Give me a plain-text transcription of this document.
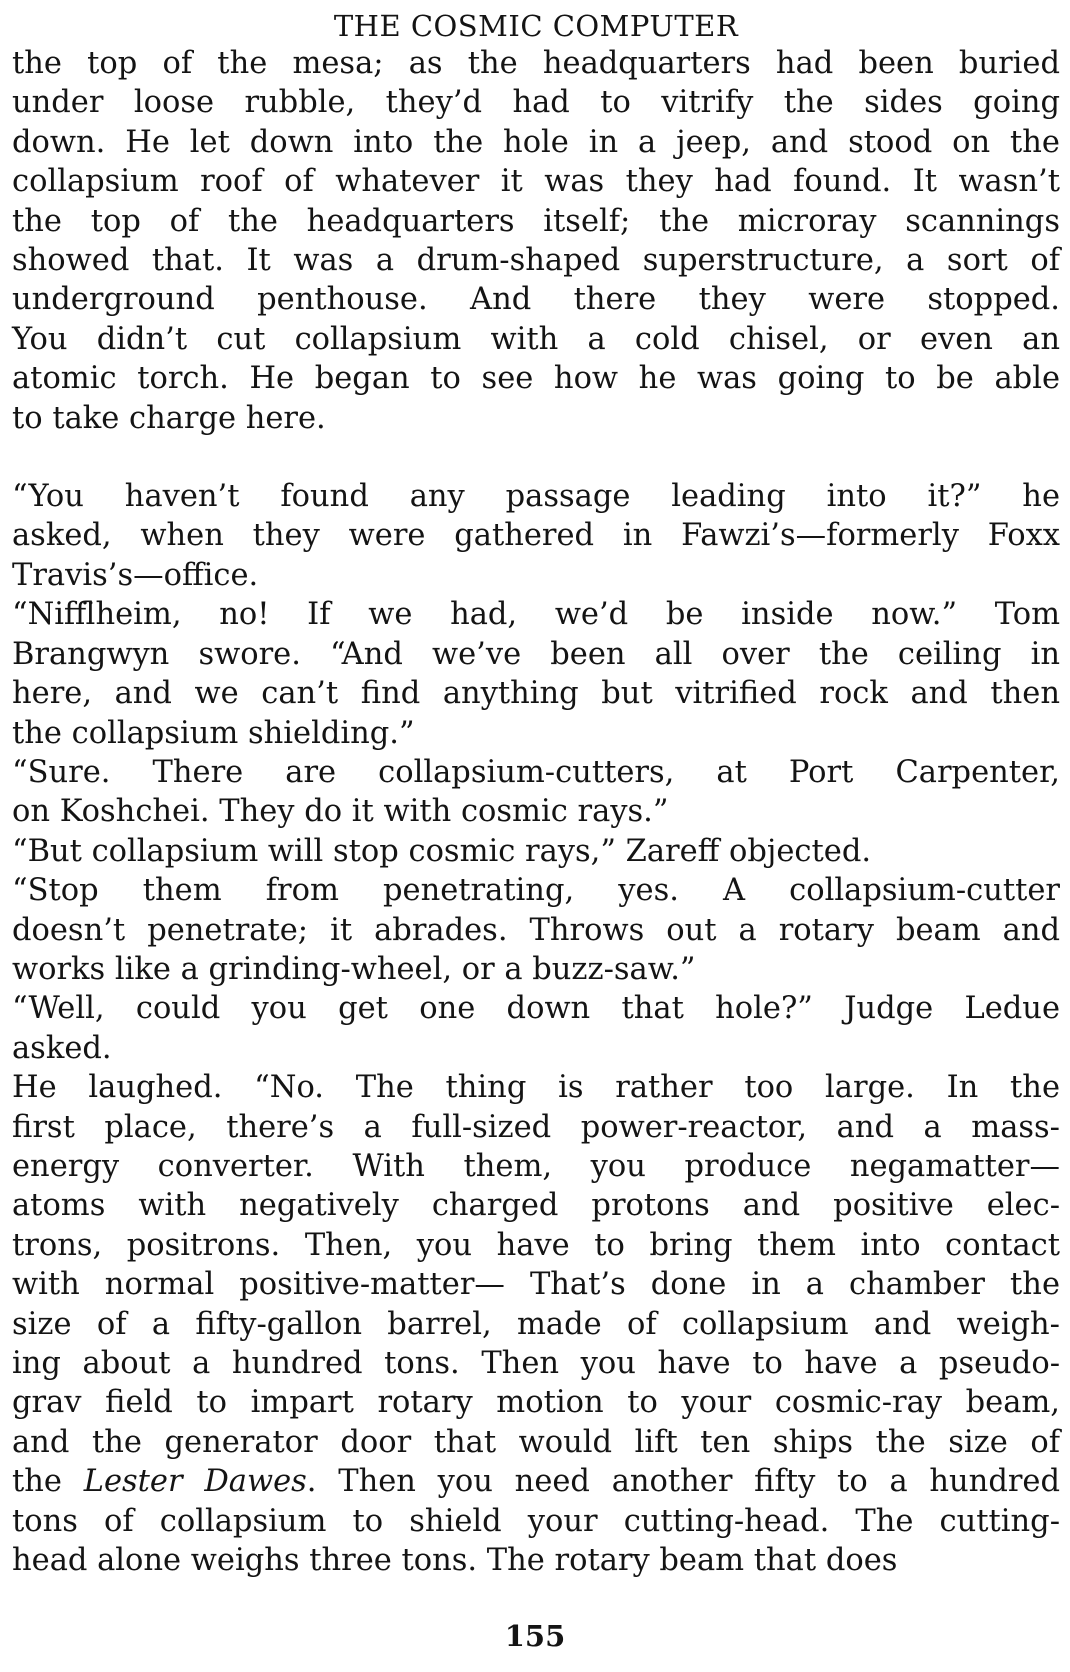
THE COSMIC COMPUTER
the top of the mesa; as the headquarters had been buried
under loose rubble, they’d had to vitrify the sides going
down. He let down into the hole in a jeep, and stood on the
collapsium roof of whatever it was they had found. It wasn’t
the top of the headquarters itself; the microray scannings
showed that. It was a drum-shaped superstructure, a sort of
underground penthouse. And there they were stopped.
You didn’t cut collapsium with a cold chisel, or even an
atomic torch. He began to see how he was going to be able
to take charge here.
“You haven’t found any passage leading into it?” he
asked, when they were gathered in Fawzi’s—formerly Foxx
Travis’s—office.
“Niffl̈heim, no! If we had, we’d be inside now.” Tom
Brangwyn swore. “And we’ve been all over the ceiling in
here, and we can’t find anything but vitrified rock and then
the collapsium shielding.”
“Sure. There are collapsium-cutters, at Port Carpenter,
on Koshchei. They do it with cosmic rays.”
“But collapsium will stop cosmic rays,” Zareff objected.
“Stop them from penetrating, yes. A collapsium-cutter
doesn’t penetrate; it abrades. Throws out a rotary beam and
works like a grinding-wheel, or a buzz-saw.”
“Well, could you get one down that hole?” Judge Ledue
asked.
He laughed. “No. The thing is rather too large. In the
first place, there’s a full-sized power-reactor, and a mass-
energy converter. With them, you produce negamatter—
atoms with negatively charged protons and positive elec-
trons, positrons. Then, you have to bring them into contact
with normal positive-matter— That’s done in a chamber the
size of a fifty-gallon barrel, made of collapsium and weigh-
ing about a hundred tons. Then you have to have a pseudo-
grav field to impart rotary motion to your cosmic-ray beam,
and the generator door that would lift ten ships the size of
the Lester Dawes. Then you need another fifty to a hundred
tons of collapsium to shield your cutting-head. The cutting-
head alone weighs three tons. The rotary beam that does
155
